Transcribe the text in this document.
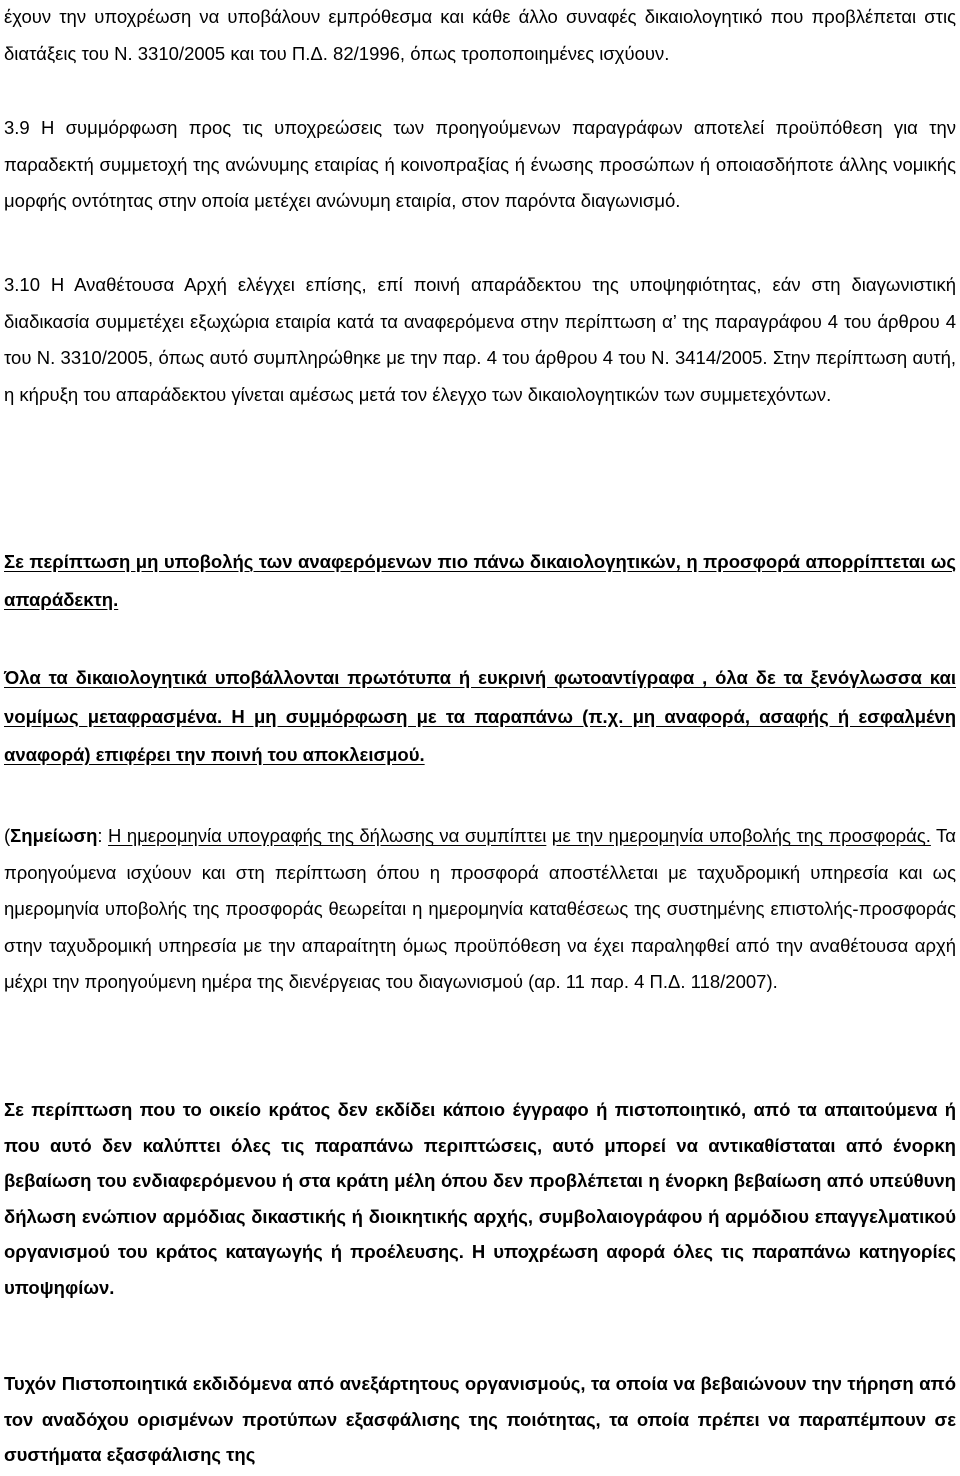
έχουν την υποχρέωση να υποβάλουν εμπρόθεσμα και κάθε άλλο συναφές δικαιολογητικό που προβλέπεται στις διατάξεις του Ν. 3310/2005 και του Π.Δ. 82/1996, όπως τροποποιημένες ισχύουν.

3.9 Η συμμόρφωση προς τις υποχρεώσεις των προηγούμενων παραγράφων αποτελεί προϋπόθεση για την παραδεκτή συμμετοχή της ανώνυμης εταιρίας ή κοινοπραξίας ή ένωσης προσώπων ή οποιασδήποτε άλλης νομικής μορφής οντότητας στην οποία μετέχει ανώνυμη εταιρία, στον παρόντα διαγωνισμό.

3.10 Η Αναθέτουσα Αρχή ελέγχει επίσης, επί ποινή απαράδεκτου της υποψηφιότητας, εάν στη διαγωνιστική διαδικασία συμμετέχει εξωχώρια εταιρία κατά τα αναφερόμενα στην περίπτωση α’ της παραγράφου 4 του άρθρου 4 του Ν. 3310/2005, όπως αυτό συμπληρώθηκε με την παρ. 4 του άρθρου 4 του Ν. 3414/2005. Στην περίπτωση αυτή, η κήρυξη του απαράδεκτου γίνεται αμέσως μετά τον έλεγχο των δικαιολογητικών των συμμετεχόντων.

Σε περίπτωση μη υποβολής των αναφερόμενων πιο πάνω δικαιολογητικών, η προσφορά απορρίπτεται ως απαράδεκτη.

Όλα τα δικαιολογητικά υποβάλλονται πρωτότυπα ή ευκρινή φωτοαντίγραφα , όλα δε τα ξενόγλωσσα και νομίμως μεταφρασμένα. Η μη συμμόρφωση με τα παραπάνω (π.χ. μη αναφορά, ασαφής ή εσφαλμένη αναφορά) επιφέρει την ποινή του αποκλεισμού.

(Σημείωση: Η ημερομηνία υπογραφής της δήλωσης να συμπίπτει με την ημερομηνία υποβολής της προσφοράς. Τα προηγούμενα ισχύουν και στη περίπτωση όπου η προσφορά αποστέλλεται με ταχυδρομική υπηρεσία και ως ημερομηνία υποβολής της προσφοράς θεωρείται η ημερομηνία καταθέσεως της συστημένης επιστολής-προσφοράς στην ταχυδρομική υπηρεσία με την απαραίτητη όμως προϋπόθεση να έχει παραληφθεί από την αναθέτουσα αρχή μέχρι την προηγούμενη ημέρα της διενέργειας του διαγωνισμού (αρ. 11 παρ. 4 Π.Δ. 118/2007).

Σε περίπτωση που το οικείο κράτος δεν εκδίδει κάποιο έγγραφο ή πιστοποιητικό, από τα απαιτούμενα ή που αυτό δεν καλύπτει όλες τις παραπάνω περιπτώσεις, αυτό μπορεί να αντικαθίσταται από ένορκη βεβαίωση του ενδιαφερόμενου ή στα κράτη μέλη όπου δεν προβλέπεται η ένορκη βεβαίωση από υπεύθυνη δήλωση ενώπιον αρμόδιας δικαστικής ή διοικητικής αρχής, συμβολαιογράφου ή αρμόδιου επαγγελματικού οργανισμού του κράτος καταγωγής ή προέλευσης. Η υποχρέωση αφορά όλες τις παραπάνω κατηγορίες υποψηφίων.

Τυχόν Πιστοποιητικά εκδιδόμενα από ανεξάρτητους οργανισμούς, τα οποία να βεβαιώνουν την τήρηση από τον αναδόχου ορισμένων προτύπων εξασφάλισης της ποιότητας, τα οποία πρέπει να παραπέμπουν σε συστήματα εξασφάλισης της
